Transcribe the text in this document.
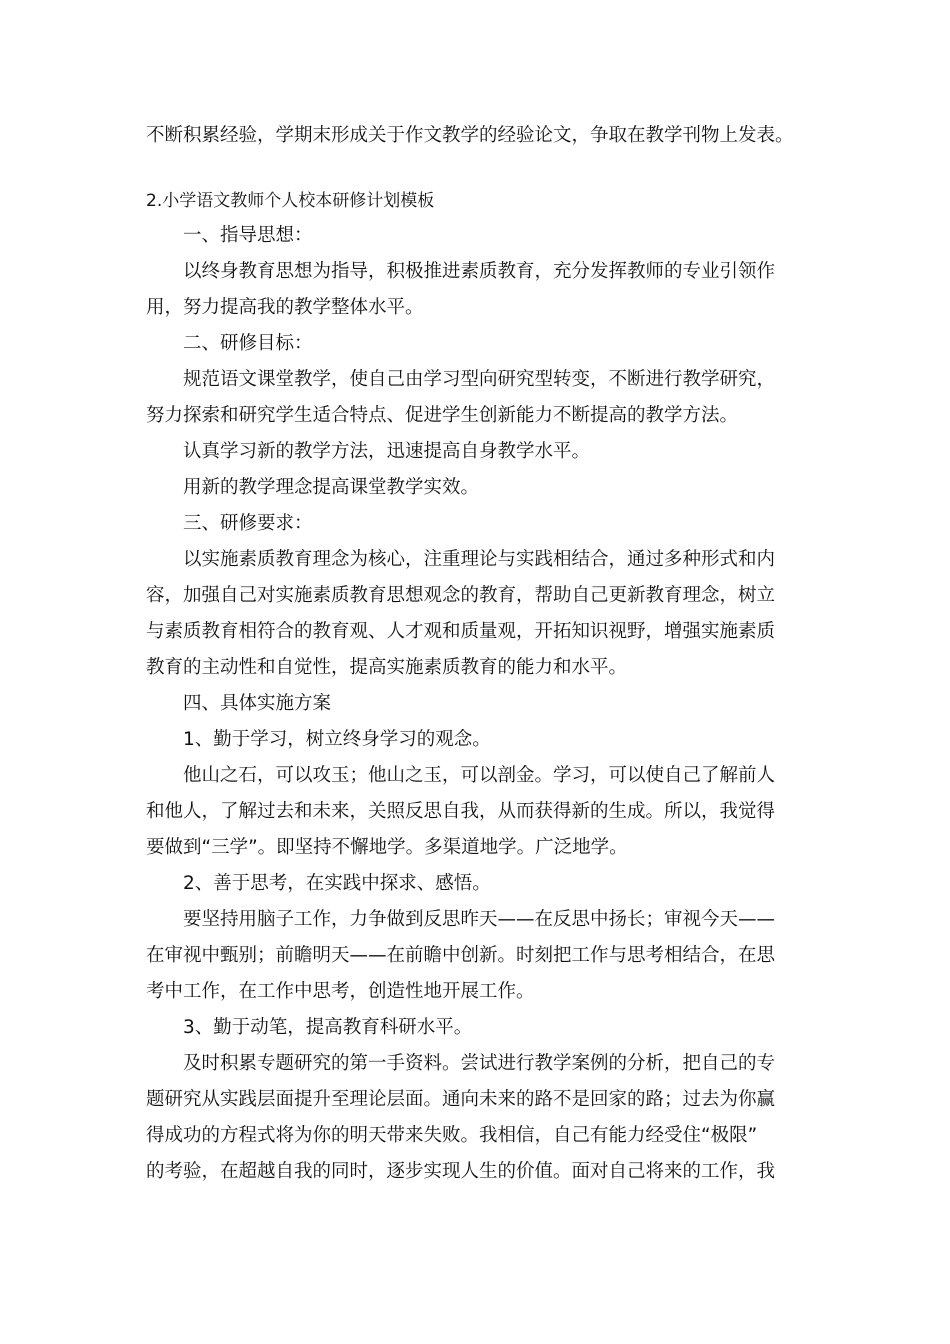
不断积累经验，学期末形成关于作文教学的经验论文，争取在教学刊物上发表。

2.小学语文教师个人校本研修计划模板

一、指导思想：

以终身教育思想为指导，积极推进素质教育，充分发挥教师的专业引领作

用，努力提高我的教学整体水平。

二、研修目标：

规范语文课堂教学，使自己由学习型向研究型转变，不断进行教学研究，

努力探索和研究学生适合特点、促进学生创新能力不断提高的教学方法。

认真学习新的教学方法，迅速提高自身教学水平。

用新的教学理念提高课堂教学实效。

三、研修要求：

以实施素质教育理念为核心，注重理论与实践相结合，通过多种形式和内

容，加强自己对实施素质教育思想观念的教育，帮助自己更新教育理念，树立

与素质教育相符合的教育观、人才观和质量观，开拓知识视野，增强实施素质

教育的主动性和自觉性，提高实施素质教育的能力和水平。

四、具体实施方案

1、勤于学习，树立终身学习的观念。

他山之石，可以攻玉；他山之玉，可以剖金。学习，可以使自己了解前人

和他人，了解过去和未来，关照反思自我，从而获得新的生成。所以，我觉得

要做到“三学”。即坚持不懈地学。多渠道地学。广泛地学。

2、善于思考，在实践中探求、感悟。

要坚持用脑子工作，力争做到反思昨天——在反思中扬长；审视今天——

在审视中甄别；前瞻明天——在前瞻中创新。时刻把工作与思考相结合，在思

考中工作，在工作中思考，创造性地开展工作。

3、勤于动笔，提高教育科研水平。

及时积累专题研究的第一手资料。尝试进行教学案例的分析，把自己的专

题研究从实践层面提升至理论层面。通向未来的路不是回家的路；过去为你赢

得成功的方程式将为你的明天带来失败。我相信，自己有能力经受住“极限”

的考验，在超越自我的同时，逐步实现人生的价值。面对自己将来的工作，我
